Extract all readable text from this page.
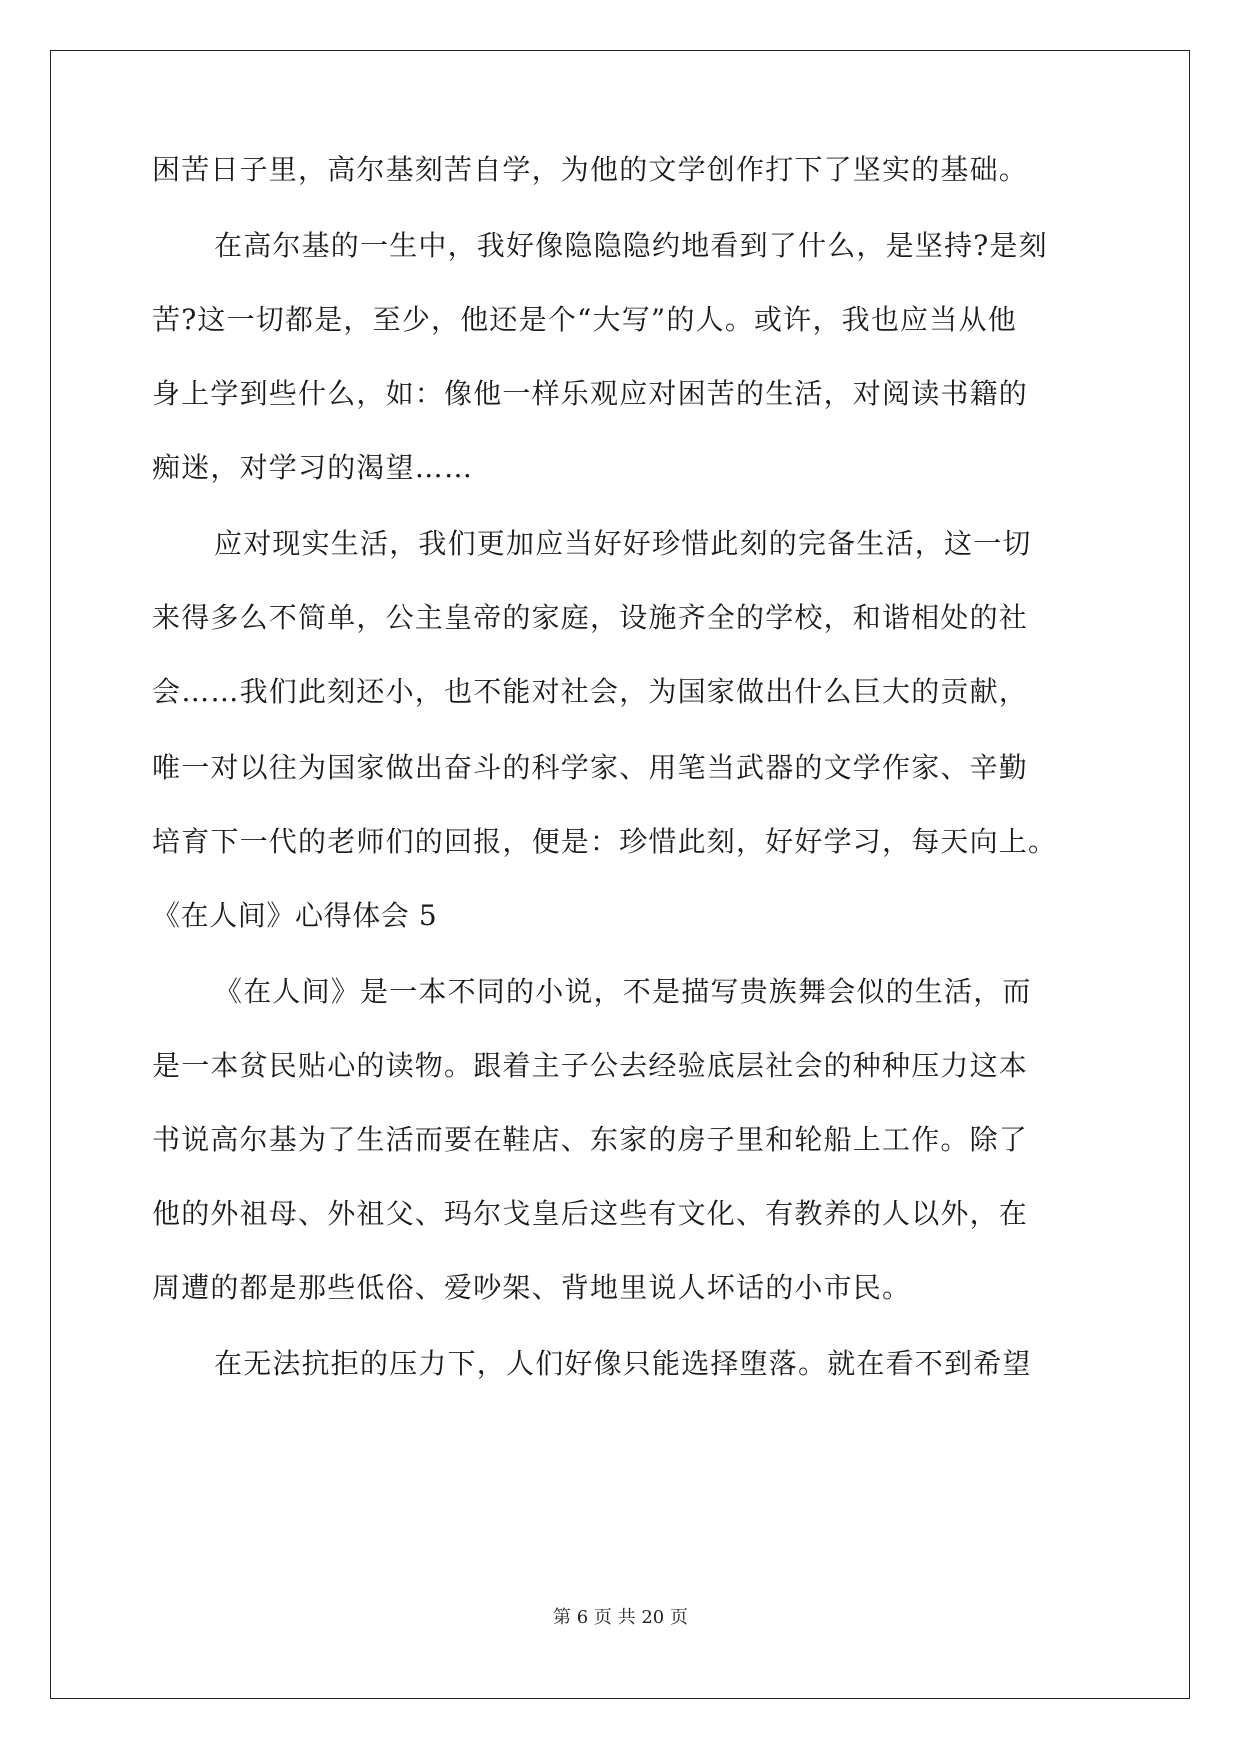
困苦日子里，高尔基刻苦自学，为他的文学创作打下了坚实的基础。
在高尔基的一生中，我好像隐隐隐约地看到了什么，是坚持?是刻
苦?这一切都是，至少，他还是个“大写”的人。或许，我也应当从他
身上学到些什么，如：像他一样乐观应对困苦的生活，对阅读书籍的
痴迷，对学习的渴望……
应对现实生活，我们更加应当好好珍惜此刻的完备生活，这一切
来得多么不简单，公主皇帝的家庭，设施齐全的学校，和谐相处的社
会……我们此刻还小，也不能对社会，为国家做出什么巨大的贡献，
唯一对以往为国家做出奋斗的科学家、用笔当武器的文学作家、辛勤
培育下一代的老师们的回报，便是：珍惜此刻，好好学习，每天向上。
《在人间》心得体会 5
《在人间》是一本不同的小说，不是描写贵族舞会似的生活，而
是一本贫民贴心的读物。跟着主子公去经验底层社会的种种压力这本
书说高尔基为了生活而要在鞋店、东家的房子里和轮船上工作。除了
他的外祖母、外祖父、玛尔戈皇后这些有文化、有教养的人以外，在
周遭的都是那些低俗、爱吵架、背地里说人坏话的小市民。
在无法抗拒的压力下，人们好像只能选择堕落。就在看不到希望
第 6 页 共 20 页
